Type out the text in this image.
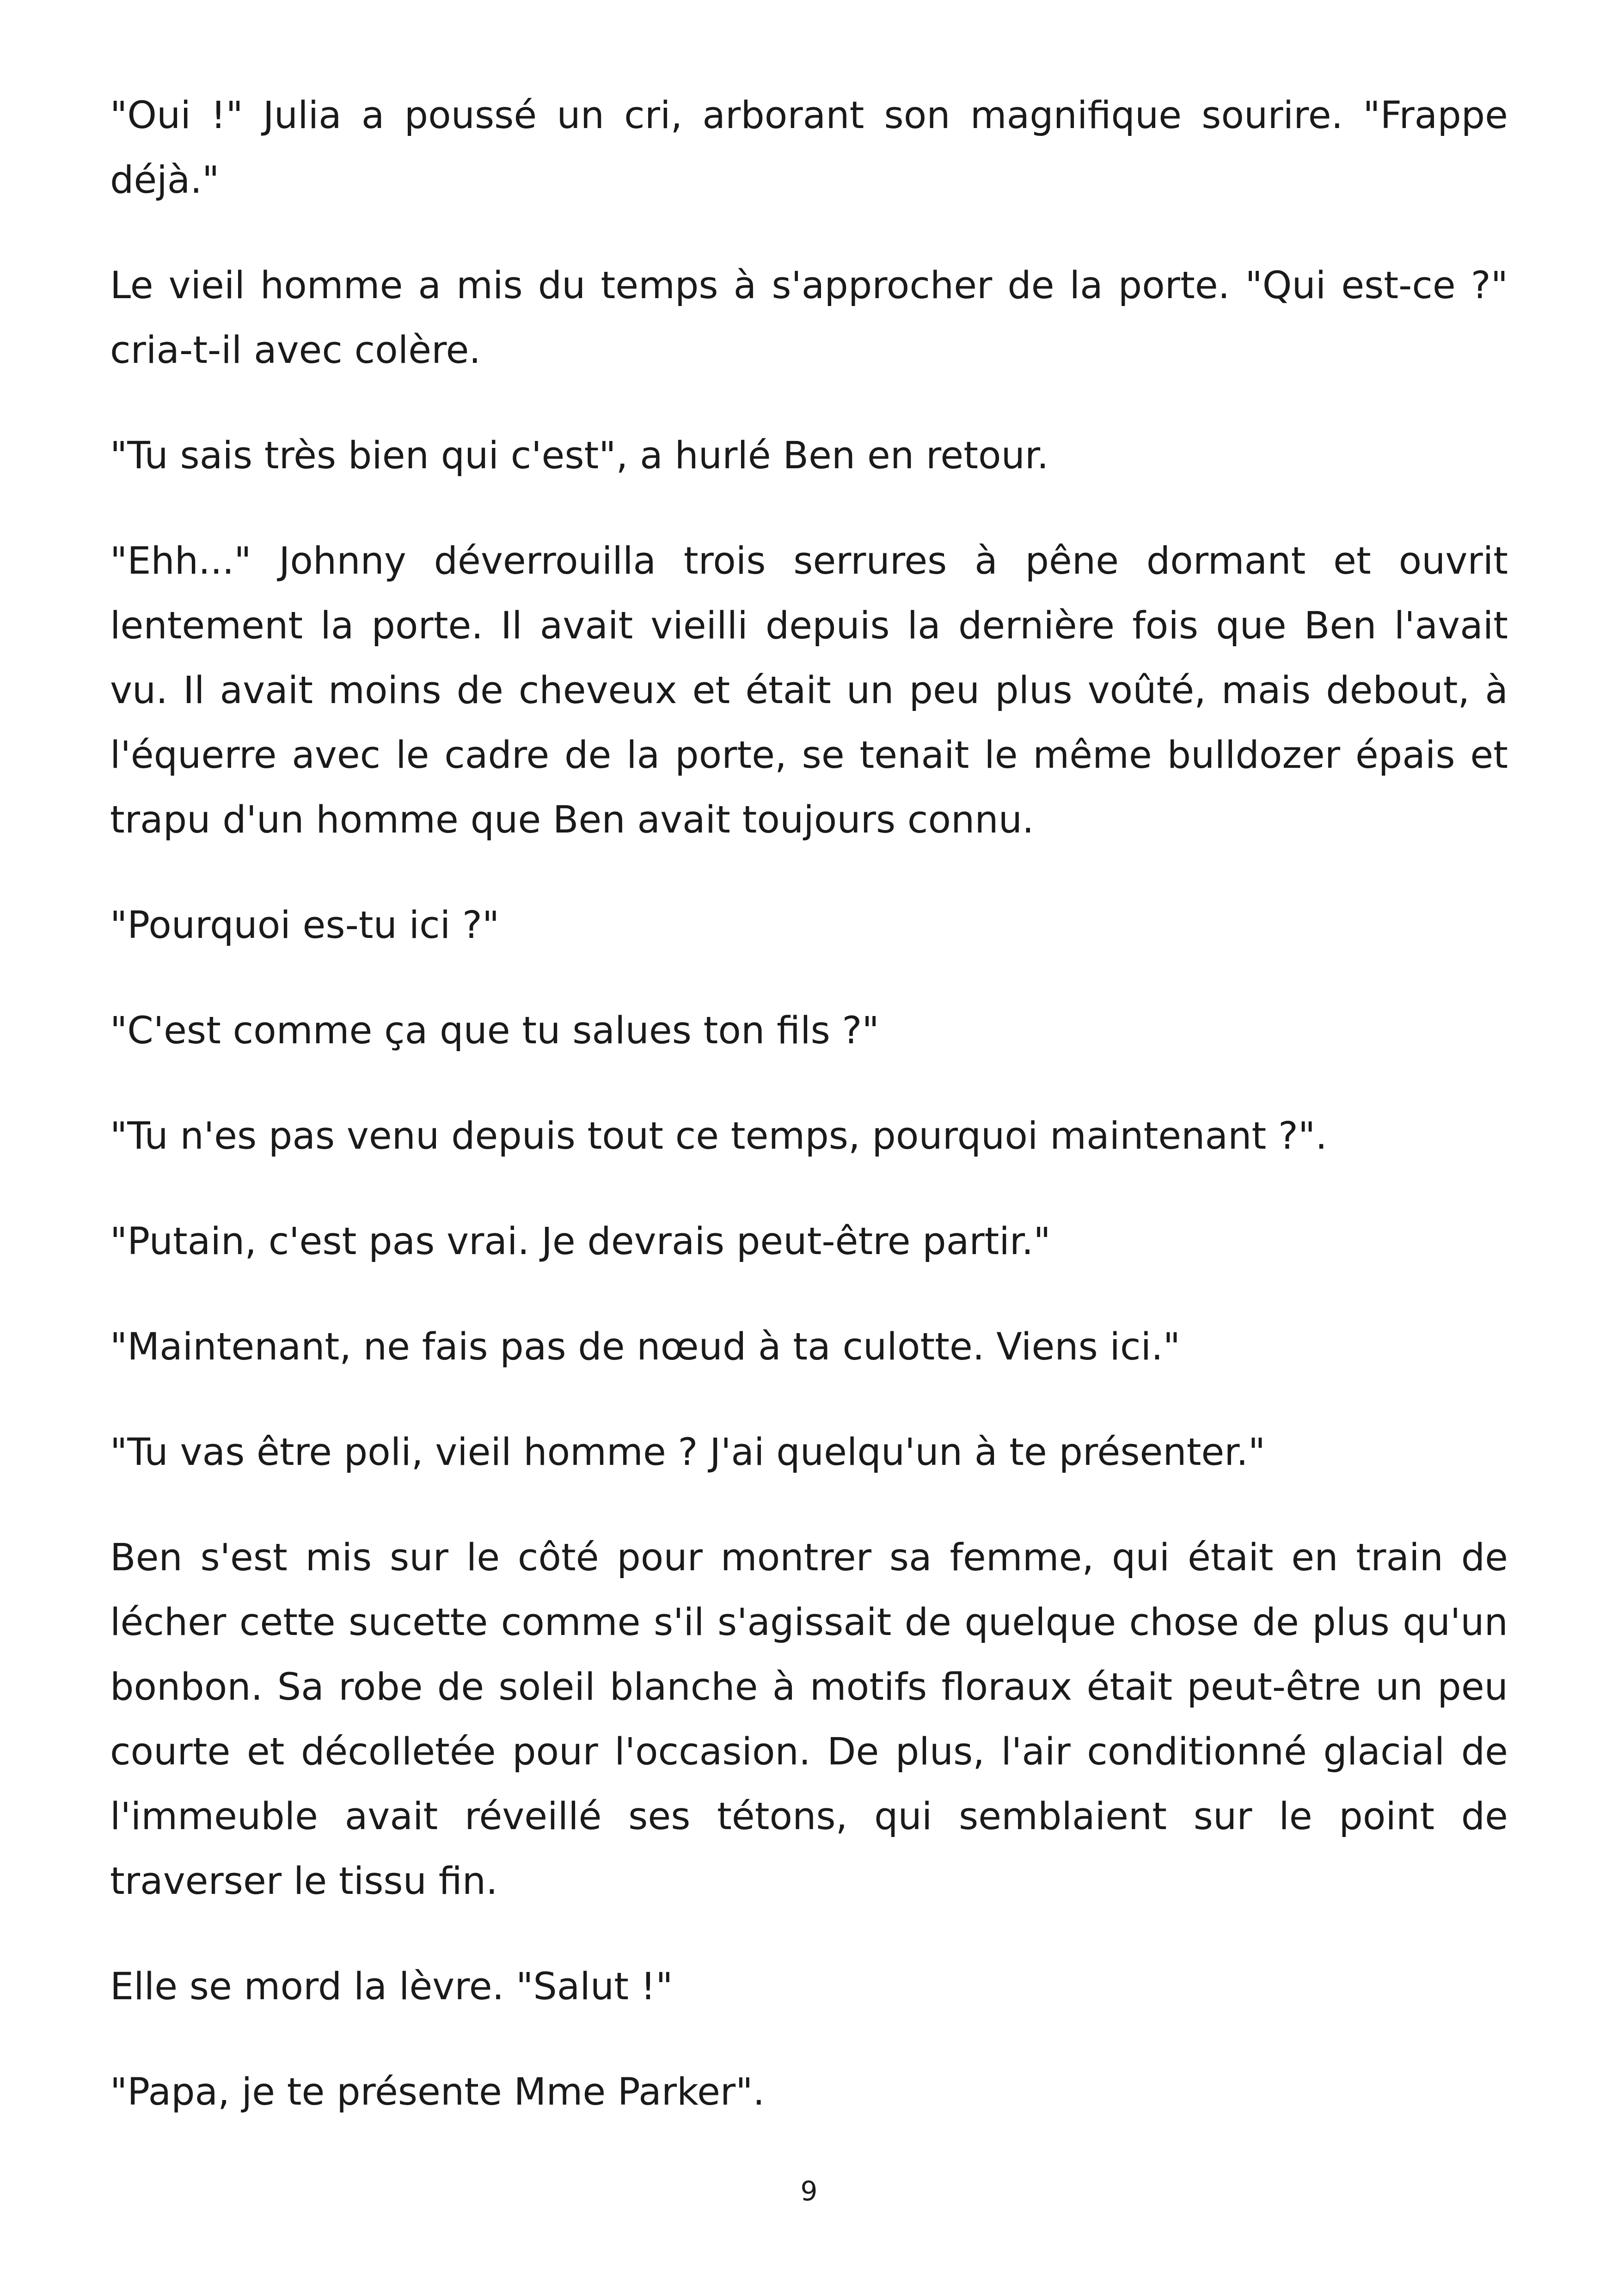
"Oui !" Julia a poussé un cri, arborant son magnifique sourire. "Frappe déjà."

Le vieil homme a mis du temps à s'approcher de la porte. "Qui est-ce ?" cria-t-il avec colère.

"Tu sais très bien qui c'est", a hurlé Ben en retour.

"Ehh..." Johnny déverrouilla trois serrures à pêne dormant et ouvrit lentement la porte. Il avait vieilli depuis la dernière fois que Ben l'avait vu. Il avait moins de cheveux et était un peu plus voûté, mais debout, à l'équerre avec le cadre de la porte, se tenait le même bulldozer épais et trapu d'un homme que Ben avait toujours connu.

"Pourquoi es-tu ici ?"

"C'est comme ça que tu salues ton fils ?"

"Tu n'es pas venu depuis tout ce temps, pourquoi maintenant ?".

"Putain, c'est pas vrai. Je devrais peut-être partir."

"Maintenant, ne fais pas de nœud à ta culotte. Viens ici."

"Tu vas être poli, vieil homme ? J'ai quelqu'un à te présenter."

Ben s'est mis sur le côté pour montrer sa femme, qui était en train de lécher cette sucette comme s'il s'agissait de quelque chose de plus qu'un bonbon. Sa robe de soleil blanche à motifs floraux était peut-être un peu courte et décolletée pour l'occasion. De plus, l'air conditionné glacial de l'immeuble avait réveillé ses tétons, qui semblaient sur le point de traverser le tissu fin.

Elle se mord la lèvre. "Salut !"

"Papa, je te présente Mme Parker".

9
